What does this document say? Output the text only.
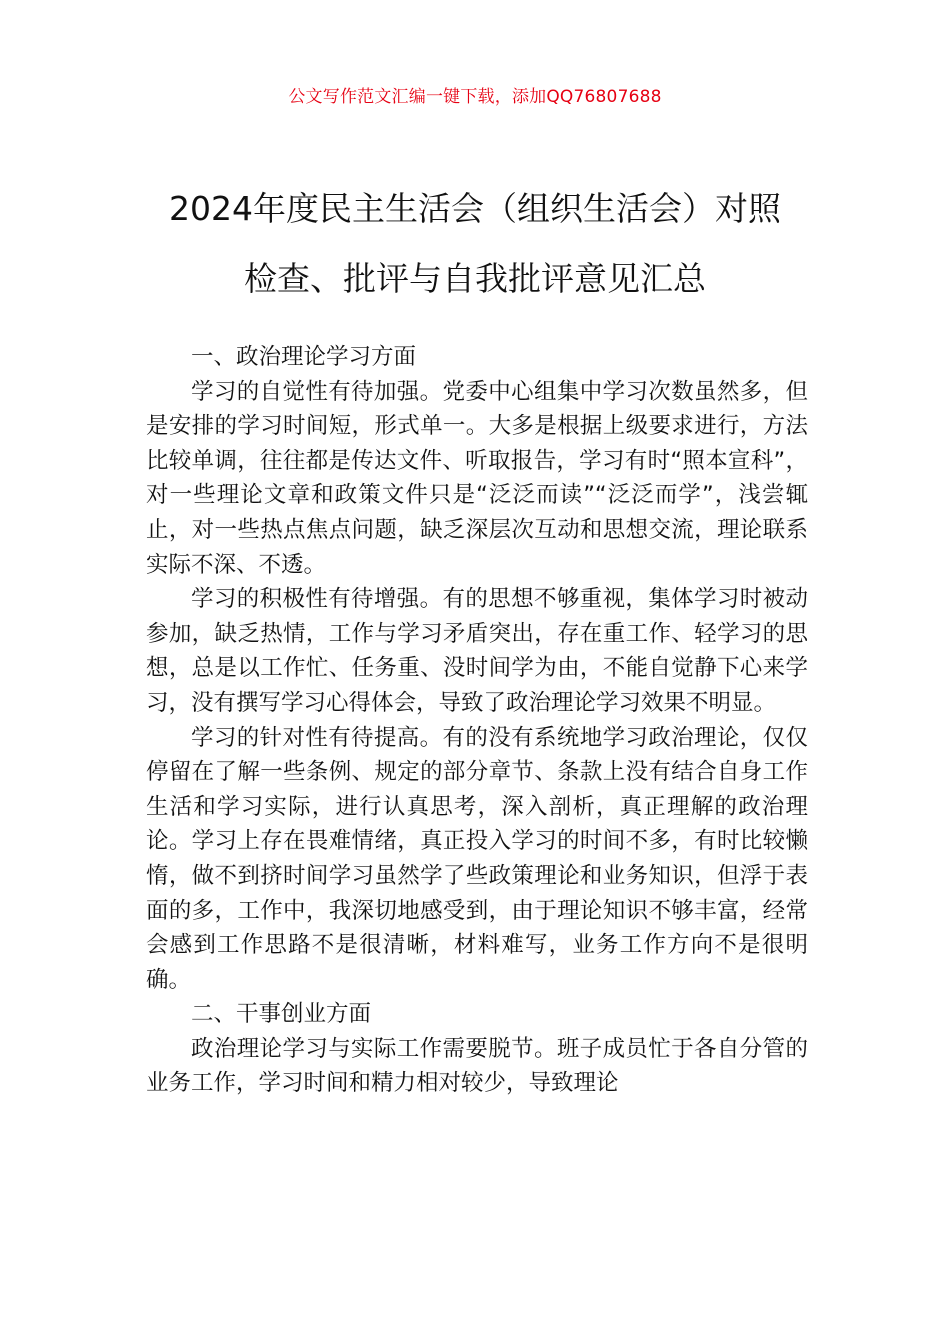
公文写作范文汇编一键下载，添加QQ76807688
2024年度民主生活会（组织生活会）对照
检查、批评与自我批评意见汇总

一、政治理论学习方面

学习的自觉性有待加强。党委中心组集中学习次数虽然多，但是安排的学习时间短，形式单一。大多是根据上级要求进行，方法比较单调，往往都是传达文件、听取报告，学习有时“照本宣科”，对一些理论文章和政策文件只是“泛泛而读”“泛泛而学”，浅尝辄止，对一些热点焦点问题，缺乏深层次互动和思想交流，理论联系实际不深、不透。

学习的积极性有待增强。有的思想不够重视，集体学习时被动参加，缺乏热情，工作与学习矛盾突出，存在重工作、轻学习的思想，总是以工作忙、任务重、没时间学为由，不能自觉静下心来学习，没有撰写学习心得体会，导致了政治理论学习效果不明显。

学习的针对性有待提高。有的没有系统地学习政治理论，仅仅停留在了解一些条例、规定的部分章节、条款上没有结合自身工作生活和学习实际，进行认真思考，深入剖析，真正理解的政治理论。学习上存在畏难情绪，真正投入学习的时间不多，有时比较懒惰，做不到挤时间学习虽然学了些政策理论和业务知识，但浮于表面的多，工作中，我深切地感受到，由于理论知识不够丰富，经常会感到工作思路不是很清晰，材料难写，业务工作方向不是很明确。

二、干事创业方面

政治理论学习与实际工作需要脱节。班子成员忙于各自分管的业务工作，学习时间和精力相对较少，导致理论
